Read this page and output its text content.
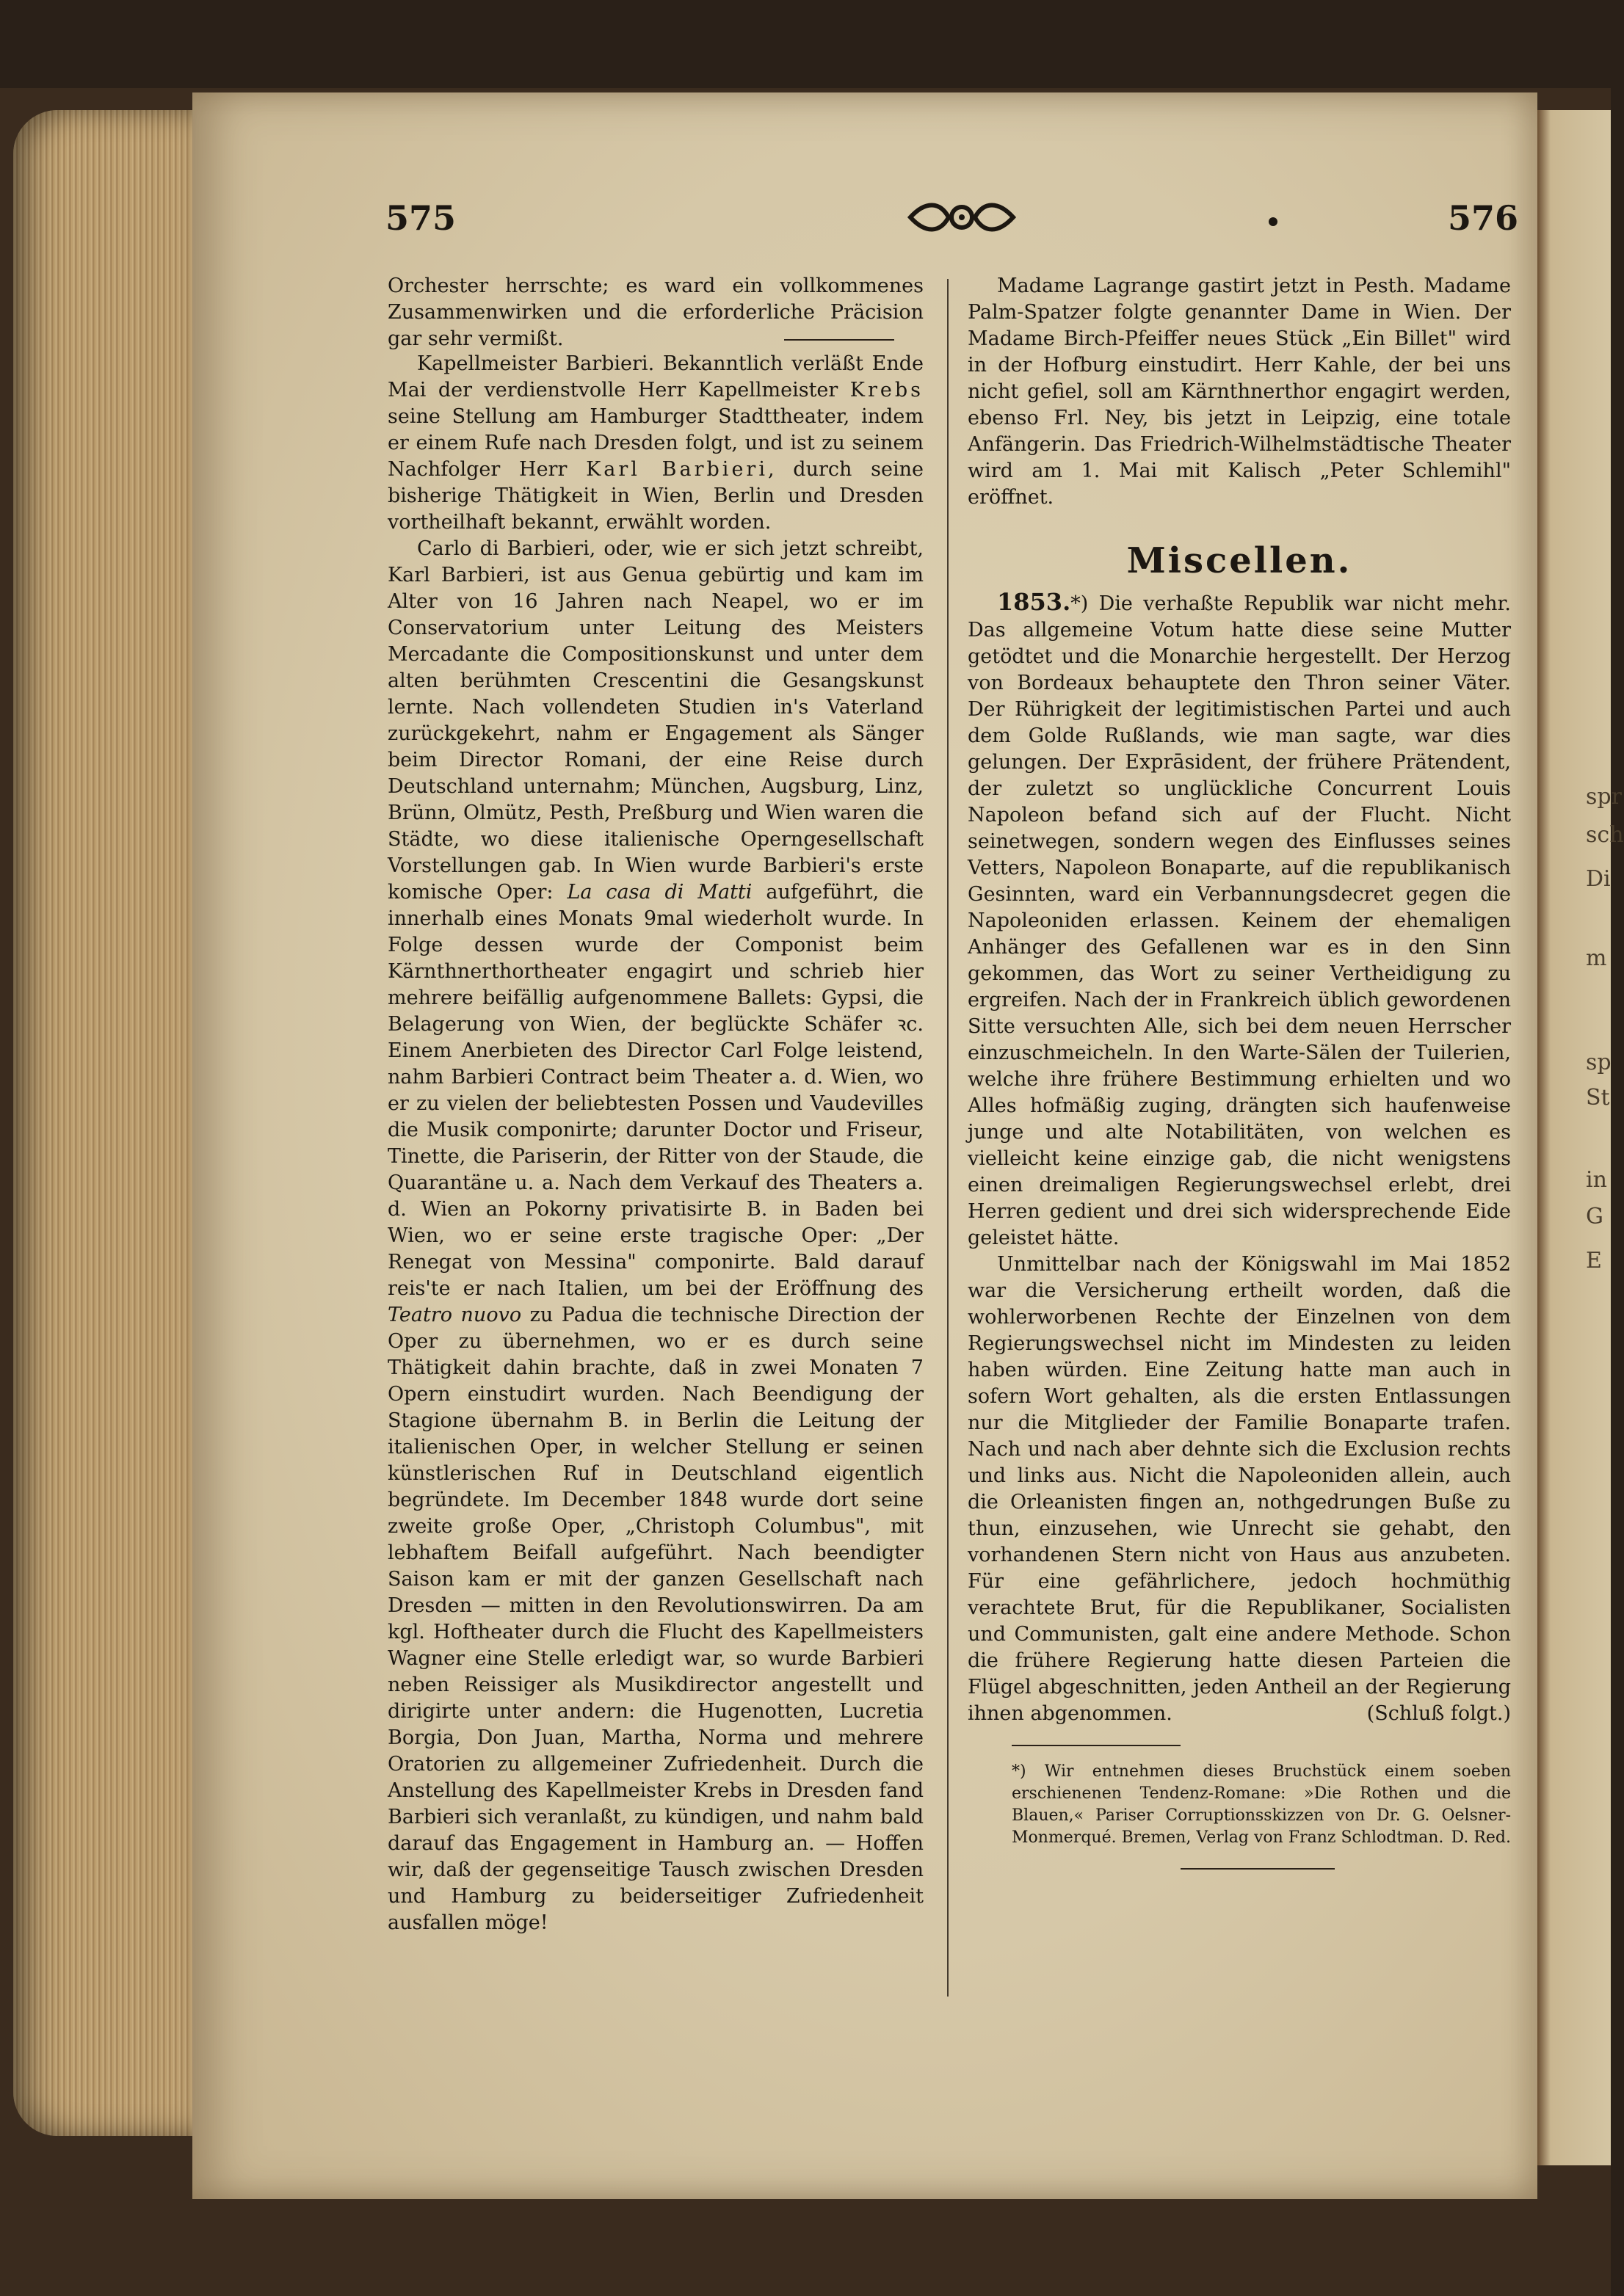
spr
sch
Di
m
sp
St
in
G
E
575	576

Orchester herrschte; es ward ein vollkommenes Zusammenwirken und die erforderliche Präcision gar sehr vermißt.

Kapellmeister Barbieri. Bekanntlich verläßt Ende Mai der verdienstvolle Herr Kapellmeister Krebs seine Stellung am Hamburger Stadttheater, indem er einem Rufe nach Dresden folgt, und ist zu seinem Nachfolger Herr Karl Barbieri, durch seine bisherige Thätigkeit in Wien, Berlin und Dresden vortheilhaft bekannt, erwählt worden.

Carlo di Barbieri, oder, wie er sich jetzt schreibt, Karl Barbieri, ist aus Genua gebürtig und kam im Alter von 16 Jahren nach Neapel, wo er im Conservatorium unter Leitung des Meisters Mercadante die Compositionskunst und unter dem alten berühmten Crescentini die Gesangskunst lernte. Nach vollendeten Studien in's Vaterland zurückgekehrt, nahm er Engagement als Sänger beim Director Romani, der eine Reise durch Deutschland unternahm; München, Augsburg, Linz, Brünn, Olmütz, Pesth, Preßburg und Wien waren die Städte, wo diese italienische Operngesellschaft Vorstellungen gab. In Wien wurde Barbieri's erste komische Oper: La casa di Matti aufgeführt, die innerhalb eines Monats 9mal wiederholt wurde. In Folge dessen wurde der Componist beim Kärnthnerthortheater engagirt und schrieb hier mehrere beifällig aufgenommene Ballets: Gypsi, die Belagerung von Wien, der beglückte Schäfer ꝛc. Einem Anerbieten des Director Carl Folge leistend, nahm Barbieri Contract beim Theater a. d. Wien, wo er zu vielen der beliebtesten Possen und Vaudevilles die Musik componirte; darunter Doctor und Friseur, Tinette, die Pariserin, der Ritter von der Staude, die Quarantäne u. a. Nach dem Verkauf des Theaters a. d. Wien an Pokorny privatisirte B. in Baden bei Wien, wo er seine erste tragische Oper: „Der Renegat von Messina" componirte. Bald darauf reis'te er nach Italien, um bei der Eröffnung des Teatro nuovo zu Padua die technische Direction der Oper zu übernehmen, wo er es durch seine Thätigkeit dahin brachte, daß in zwei Monaten 7 Opern einstudirt wurden. Nach Beendigung der Stagione übernahm B. in Berlin die Leitung der italienischen Oper, in welcher Stellung er seinen künstlerischen Ruf in Deutschland eigentlich begründete. Im December 1848 wurde dort seine zweite große Oper, „Christoph Columbus", mit lebhaftem Beifall aufgeführt. Nach beendigter Saison kam er mit der ganzen Gesellschaft nach Dresden — mitten in den Revolutionswirren. Da am kgl. Hoftheater durch die Flucht des Kapellmeisters Wagner eine Stelle erledigt war, so wurde Barbieri neben Reissiger als Musikdirector angestellt und dirigirte unter andern: die Hugenotten, Lucretia Borgia, Don Juan, Martha, Norma und mehrere Oratorien zu allgemeiner Zufriedenheit. Durch die Anstellung des Kapellmeister Krebs in Dresden fand Barbieri sich veranlaßt, zu kündigen, und nahm bald darauf das Engagement in Hamburg an. — Hoffen wir, daß der gegenseitige Tausch zwischen Dresden und Hamburg zu beiderseitiger Zufriedenheit ausfallen möge!

Madame Lagrange gastirt jetzt in Pesth. Madame Palm-Spatzer folgte genannter Dame in Wien. Der Madame Birch-Pfeiffer neues Stück „Ein Billet" wird in der Hofburg einstudirt. Herr Kahle, der bei uns nicht gefiel, soll am Kärnthnerthor engagirt werden, ebenso Frl. Ney, bis jetzt in Leipzig, eine totale Anfängerin. Das Friedrich-Wilhelmstädtische Theater wird am 1. Mai mit Kalisch „Peter Schlemihl" eröffnet.

Miscellen.

1853.*) Die verhaßte Republik war nicht mehr. Das allgemeine Votum hatte diese seine Mutter getödtet und die Monarchie hergestellt. Der Herzog von Bordeaux behauptete den Thron seiner Väter. Der Rührigkeit der legitimistischen Partei und auch dem Golde Rußlands, wie man sagte, war dies gelungen. Der Exprāsident, der frühere Prätendent, der zuletzt so unglückliche Concurrent Louis Napoleon befand sich auf der Flucht. Nicht seinetwegen, sondern wegen des Einflusses seines Vetters, Napoleon Bonaparte, auf die republikanisch Gesinnten, ward ein Verbannungsdecret gegen die Napoleoniden erlassen. Keinem der ehemaligen Anhänger des Gefallenen war es in den Sinn gekommen, das Wort zu seiner Vertheidigung zu ergreifen. Nach der in Frankreich üblich gewordenen Sitte versuchten Alle, sich bei dem neuen Herrscher einzuschmeicheln. In den Warte-Sälen der Tuilerien, welche ihre frühere Bestimmung erhielten und wo Alles hofmäßig zuging, drängten sich haufenweise junge und alte Notabilitäten, von welchen es vielleicht keine einzige gab, die nicht wenigstens einen dreimaligen Regierungswechsel erlebt, drei Herren gedient und drei sich widersprechende Eide geleistet hätte.

Unmittelbar nach der Königswahl im Mai 1852 war die Versicherung ertheilt worden, daß die wohlerworbenen Rechte der Einzelnen von dem Regierungswechsel nicht im Mindesten zu leiden haben würden. Eine Zeitung hatte man auch in sofern Wort gehalten, als die ersten Entlassungen nur die Mitglieder der Familie Bonaparte trafen. Nach und nach aber dehnte sich die Exclusion rechts und links aus. Nicht die Napoleoniden allein, auch die Orleanisten fingen an, nothgedrungen Buße zu thun, einzusehen, wie Unrecht sie gehabt, den vorhandenen Stern nicht von Haus aus anzubeten. Für eine gefährlichere, jedoch hochmüthig verachtete Brut, für die Republikaner, Socialisten und Communisten, galt eine andere Methode. Schon die frühere Regierung hatte diesen Parteien die Flügel abgeschnitten, jeden Antheil an der Regierung ihnen abgenommen.	(Schluß folgt.)

*) Wir entnehmen dieses Bruchstück einem soeben erschienenen Tendenz-Romane: »Die Rothen und die Blauen,« Pariser Corruptionsskizzen von Dr. G. Oelsner-Monmerqué. Bremen, Verlag von Franz Schlodtman. D. Red.
